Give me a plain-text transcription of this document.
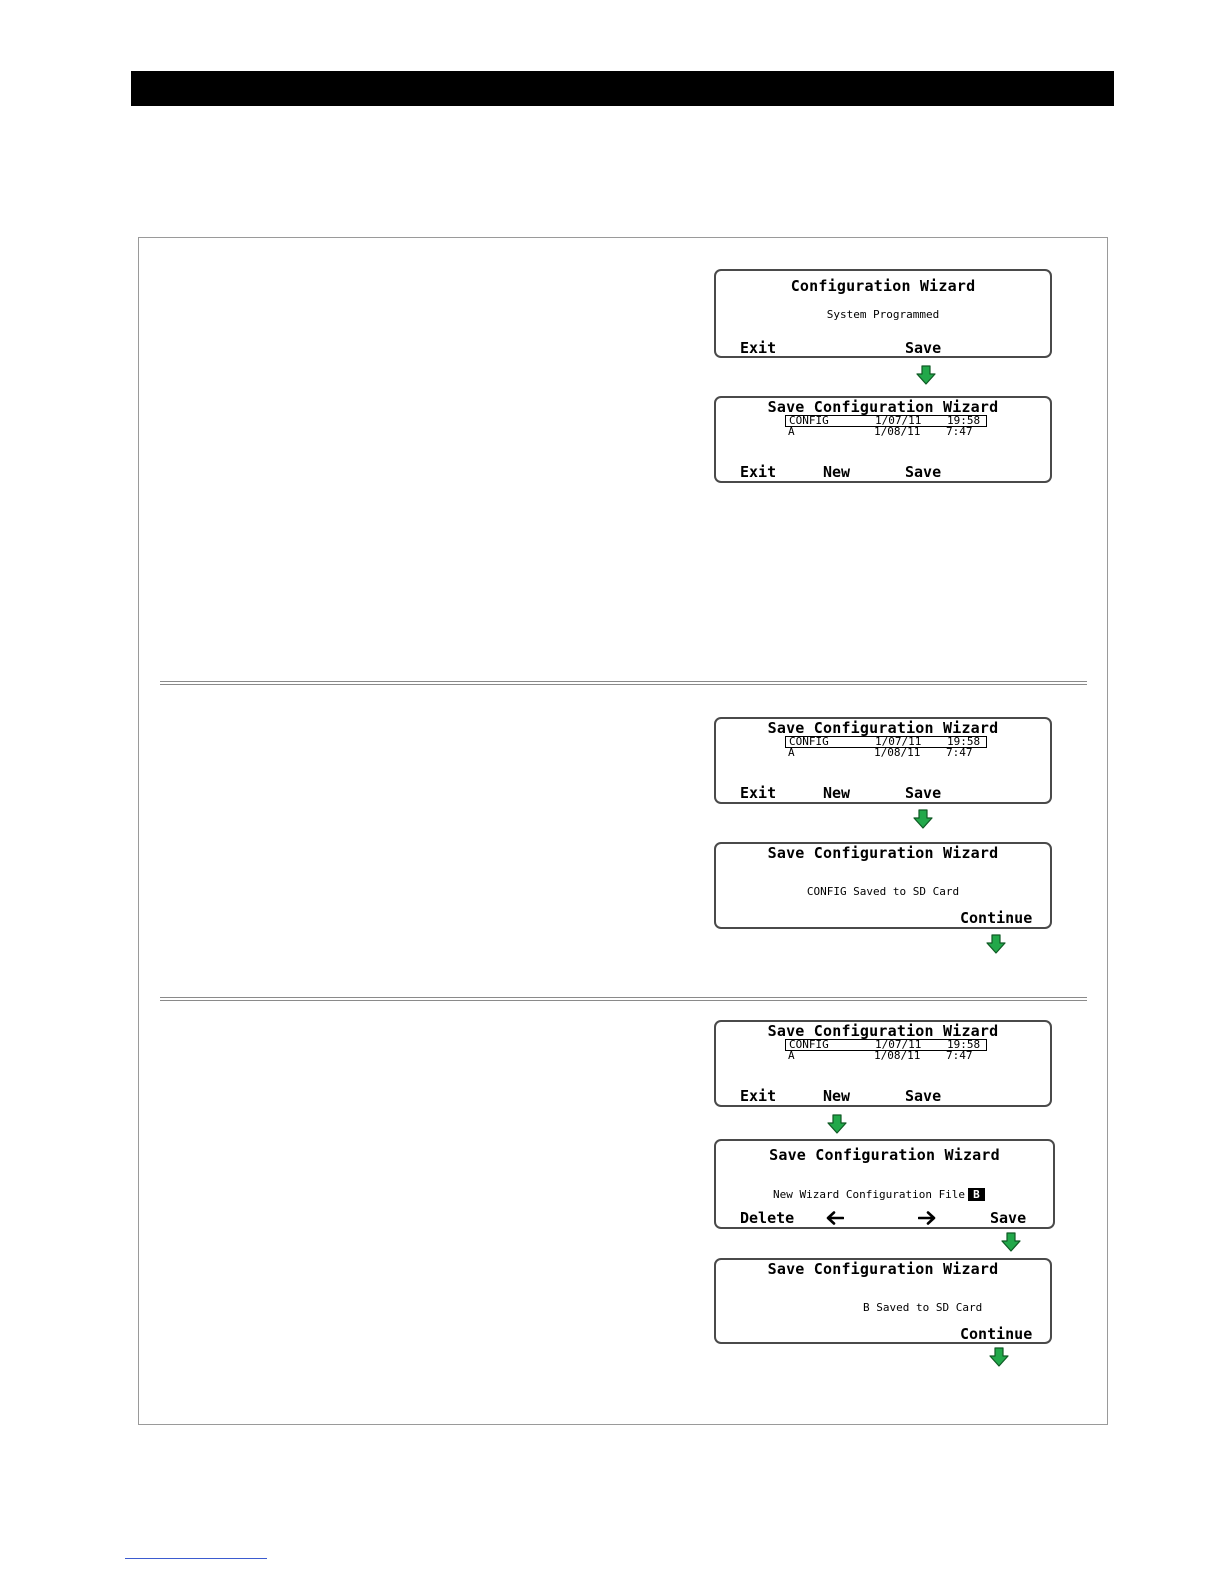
Configuration Wizard
System Programmed
Exit	Save
Save Configuration Wizard
CONFIG	1/07/11 19:58
A	1/08/11 7:47
Exit	New	Save
Save Configuration Wizard
CONFIG	1/07/11 19:58
A	1/08/11 7:47
Exit	New	Save
Save Configuration Wizard
CONFIG Saved to SD Card
Continue
Save Configuration Wizard
CONFIG	1/07/11 19:58
A	1/08/11 7:47
Exit	New	Save
Save Configuration Wizard
New Wizard Configuration File B
Delete	Save
Save Configuration Wizard
B Saved to SD Card
Continue
